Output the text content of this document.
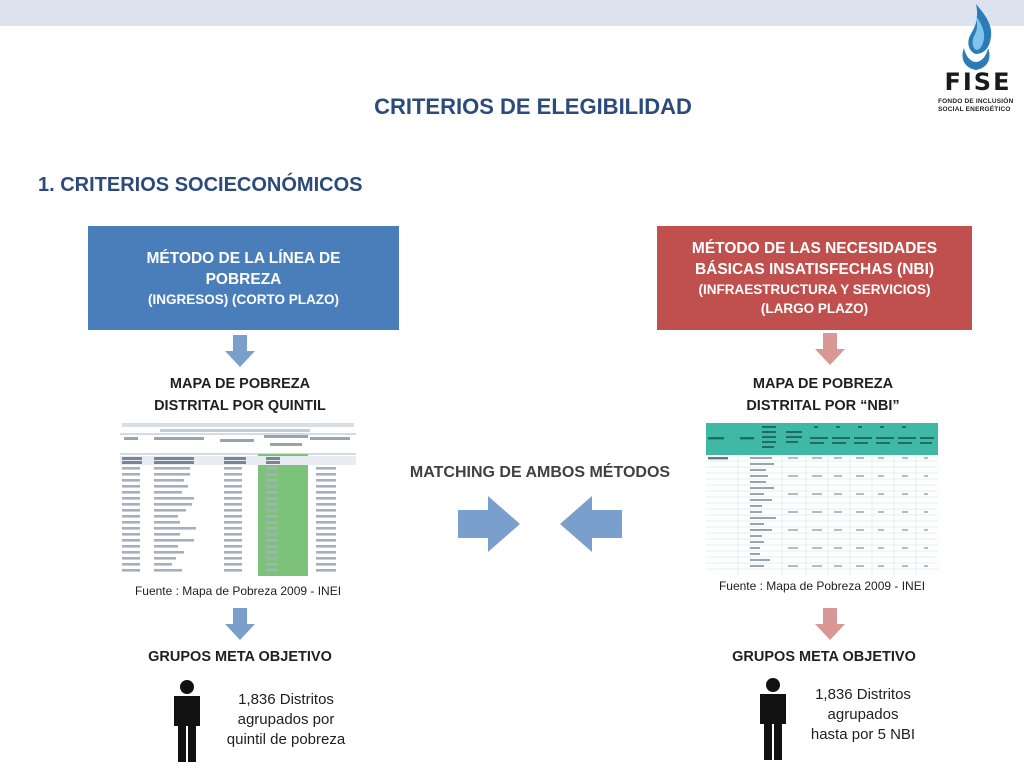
FISE
FONDO DE INCLUSIÓN
SOCIAL ENERGÉTICO
CRITERIOS DE ELEGIBILIDAD
1. CRITERIOS SOCIECONÓMICOS
MÉTODO DE LA LÍNEA DE POBREZA
(INGRESOS) (CORTO PLAZO)
MÉTODO DE LAS NECESIDADES BÁSICAS INSATISFECHAS (NBI)
(INFRAESTRUCTURA Y SERVICIOS)
(LARGO PLAZO)
MAPA DE POBREZA
DISTRITAL POR QUINTIL
MAPA DE POBREZA
DISTRITAL POR “NBI”
Fuente : Mapa de Pobreza 2009 - INEI	Fuente : Mapa de Pobreza 2009 - INEI
MATCHING DE AMBOS MÉTODOS
GRUPOS META OBJETIVO	GRUPOS META OBJETIVO
1,836 Distritos
agrupados por
quintil de pobreza
1,836 Distritos
agrupados
hasta por 5 NBI
